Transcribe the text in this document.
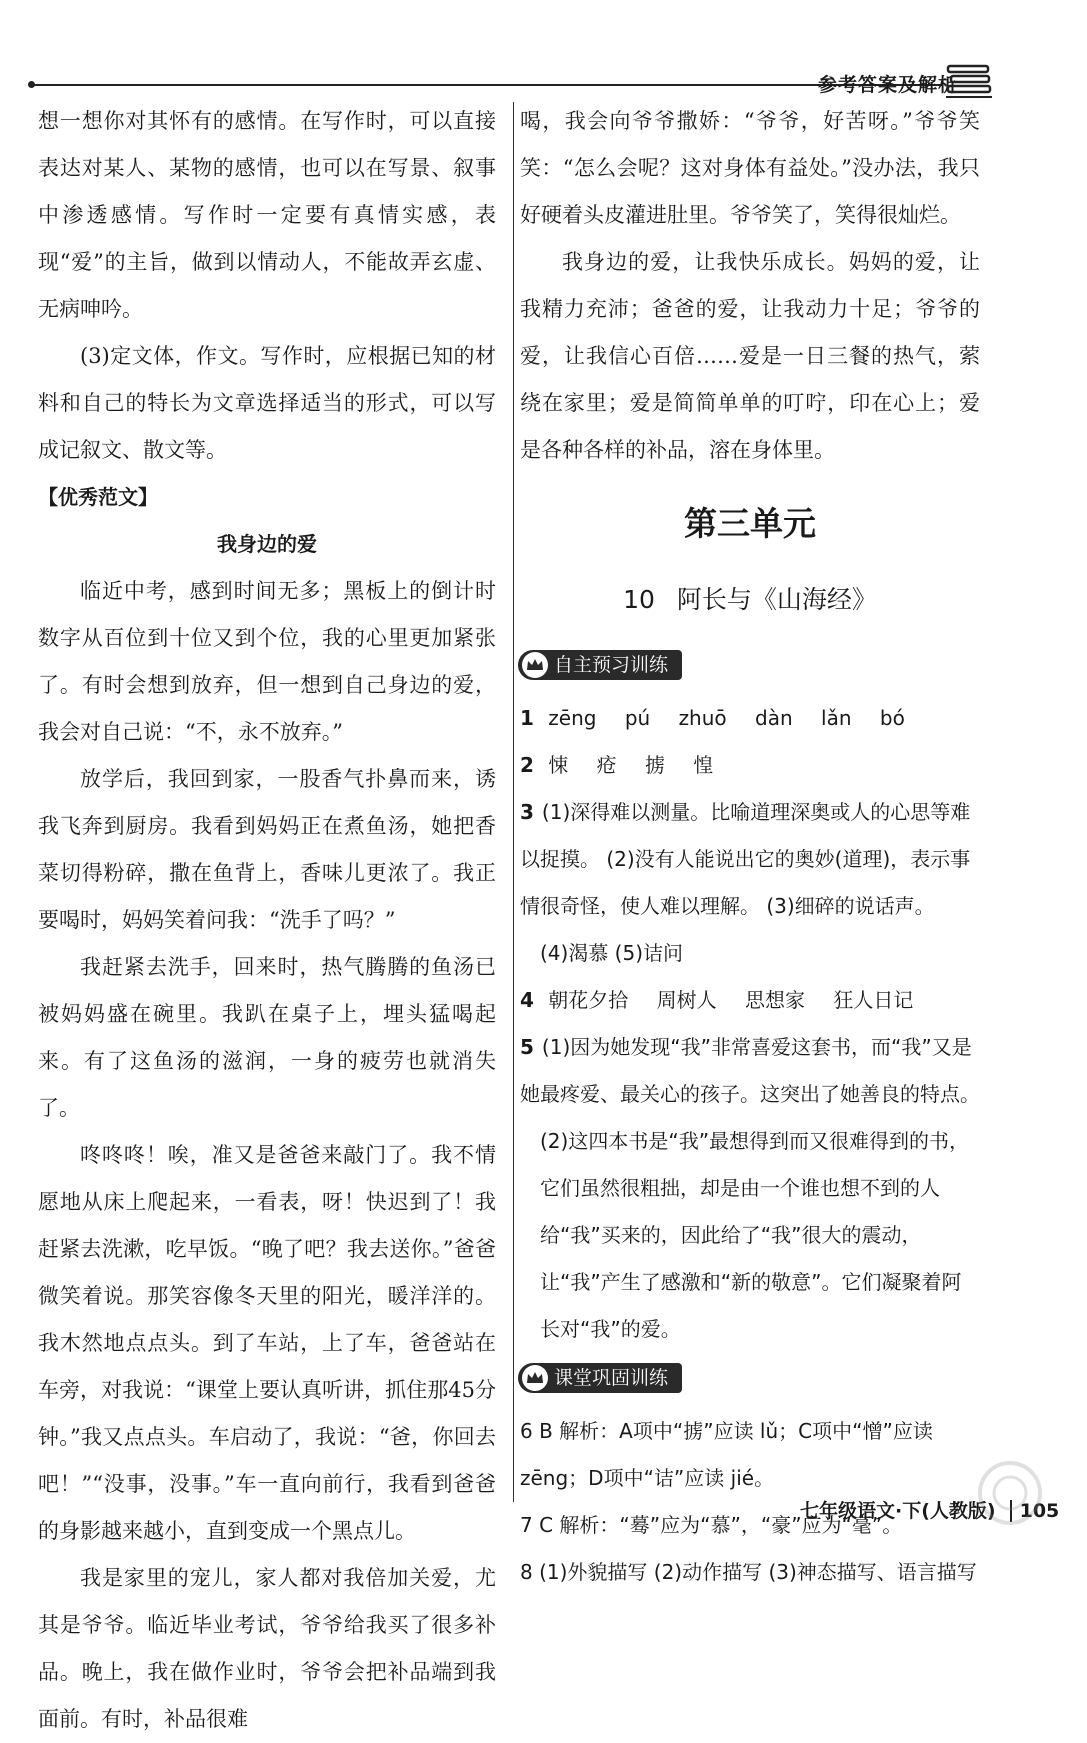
参考答案及解析

想一想你对其怀有的感情。在写作时，可以直接表达对某人、某物的感情，也可以在写景、叙事中渗透感情。写作时一定要有真情实感，表现“爱”的主旨，做到以情动人，不能故弄玄虚、无病呻吟。

(3)定文体，作文。写作时，应根据已知的材料和自己的特长为文章选择适当的形式，可以写成记叙文、散文等。

【优秀范文】

我身边的爱

临近中考，感到时间无多；黑板上的倒计时数字从百位到十位又到个位，我的心里更加紧张了。有时会想到放弃，但一想到自己身边的爱，我会对自己说：“不，永不放弃。”

放学后，我回到家，一股香气扑鼻而来，诱我飞奔到厨房。我看到妈妈正在煮鱼汤，她把香菜切得粉碎，撒在鱼背上，香味儿更浓了。我正要喝时，妈妈笑着问我：“洗手了吗？”

我赶紧去洗手，回来时，热气腾腾的鱼汤已被妈妈盛在碗里。我趴在桌子上，埋头猛喝起来。有了这鱼汤的滋润，一身的疲劳也就消失了。

咚咚咚！唉，准又是爸爸来敲门了。我不情愿地从床上爬起来，一看表，呀！快迟到了！我赶紧去洗漱，吃早饭。“晚了吧？我去送你。”爸爸微笑着说。那笑容像冬天里的阳光，暖洋洋的。我木然地点点头。到了车站，上了车，爸爸站在车旁，对我说：“课堂上要认真听讲，抓住那45分钟。”我又点点头。车启动了，我说：“爸，你回去吧！”“没事，没事。”车一直向前行，我看到爸爸的身影越来越小，直到变成一个黑点儿。

我是家里的宠儿，家人都对我倍加关爱，尤其是爷爷。临近毕业考试，爷爷给我买了很多补品。晚上，我在做作业时，爷爷会把补品端到我面前。有时，补品很难

喝，我会向爷爷撒娇：“爷爷，好苦呀。”爷爷笑笑：“怎么会呢？这对身体有益处。”没办法，我只好硬着头皮灌进肚里。爷爷笑了，笑得很灿烂。

我身边的爱，让我快乐成长。妈妈的爱，让我精力充沛；爸爸的爱，让我动力十足；爷爷的爱，让我信心百倍……爱是一日三餐的热气，萦绕在家里；爱是简简单单的叮咛，印在心上；爱是各种各样的补品，溶在身体里。

第三单元

10 阿长与《山海经》

自主预习训练

1 zēng pú zhuō dàn lǎn bó

2 悚 疮 掳 惶

3 (1)深得难以测量。比喻道理深奥或人的心思等难以捉摸。 (2)没有人能说出它的奥妙(道理)，表示事情很奇怪，使人难以理解。 (3)细碎的说话声。

(4)渴慕 (5)诘问

4 朝花夕拾 周树人 思想家 狂人日记

5 (1)因为她发现“我”非常喜爱这套书，而“我”又是她最疼爱、最关心的孩子。这突出了她善良的特点。

(2)这四本书是“我”最想得到而又很难得到的书，它们虽然很粗拙，却是由一个谁也想不到的人给“我”买来的，因此给了“我”很大的震动，让“我”产生了感激和“新的敬意”。它们凝聚着阿长对“我”的爱。

课堂巩固训练

6 B 解析：A项中“掳”应读 lǔ；C项中“憎”应读 zēng；D项中“诘”应读 jié。

7 C 解析：“蓦”应为“慕”，“豪”应为“毫”。

8 (1)外貌描写 (2)动作描写 (3)神态描写、语言描写

七年级语文·下(人教版) 105
